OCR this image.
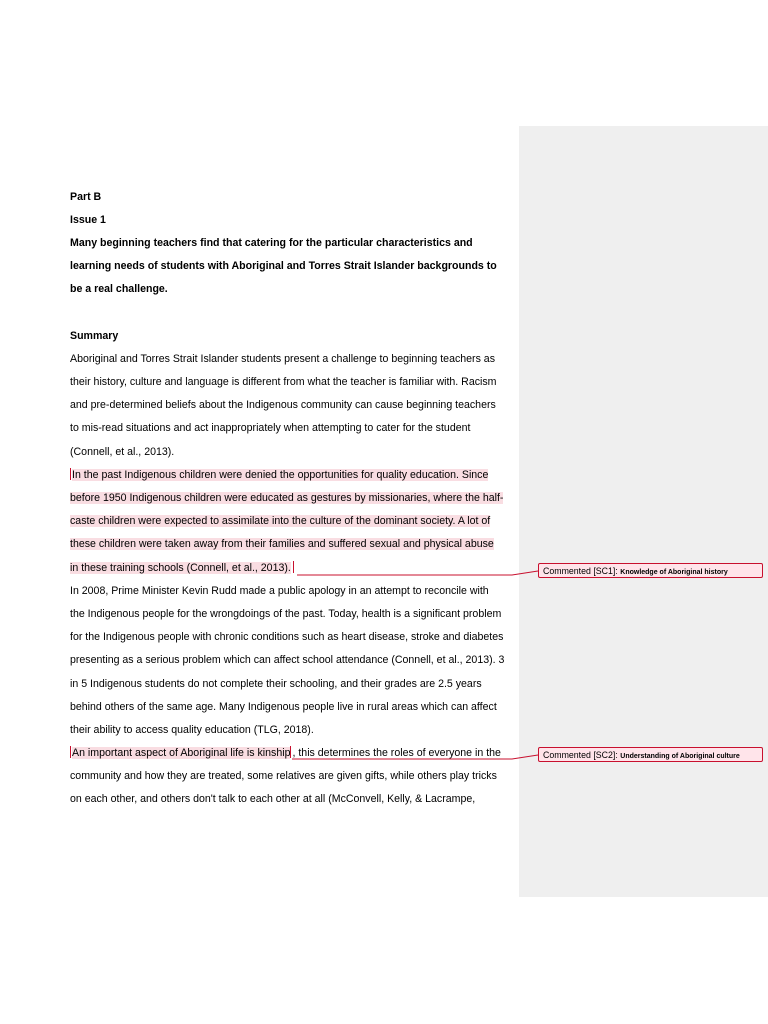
Part B
Issue 1
Many beginning teachers find that catering for the particular characteristics and
learning needs of students with Aboriginal and Torres Strait Islander backgrounds to
be a real challenge.
Summary
Aboriginal and Torres Strait Islander students present a challenge to beginning teachers as
their history, culture and language is different from what the teacher is familiar with. Racism
and pre-determined beliefs about the Indigenous community can cause beginning teachers
to mis-read situations and act inappropriately when attempting to cater for the student
(Connell, et al., 2013).
In the past Indigenous children were denied the opportunities for quality education. Since
before 1950 Indigenous children were educated as gestures by missionaries, where the half-
caste children were expected to assimilate into the culture of the dominant society. A lot of
these children were taken away from their families and suffered sexual and physical abuse
in these training schools (Connell, et al., 2013).
In 2008, Prime Minister Kevin Rudd made a public apology in an attempt to reconcile with
the Indigenous people for the wrongdoings of the past. Today, health is a significant problem
for the Indigenous people with chronic conditions such as heart disease, stroke and diabetes
presenting as a serious problem which can affect school attendance (Connell, et al., 2013). 3
in 5 Indigenous students do not complete their schooling, and their grades are 2.5 years
behind others of the same age. Many Indigenous people live in rural areas which can affect
their ability to access quality education (TLG, 2018).
An important aspect of Aboriginal life is kinship , this determines the roles of everyone in the
community and how they are treated, some relatives are given gifts, while others play tricks
on each other, and others don't talk to each other at all (McConvell, Kelly, & Lacrampe,
Commented [SC1]: Knowledge of Aboriginal history
Commented [SC2]: Understanding of Aboriginal culture
